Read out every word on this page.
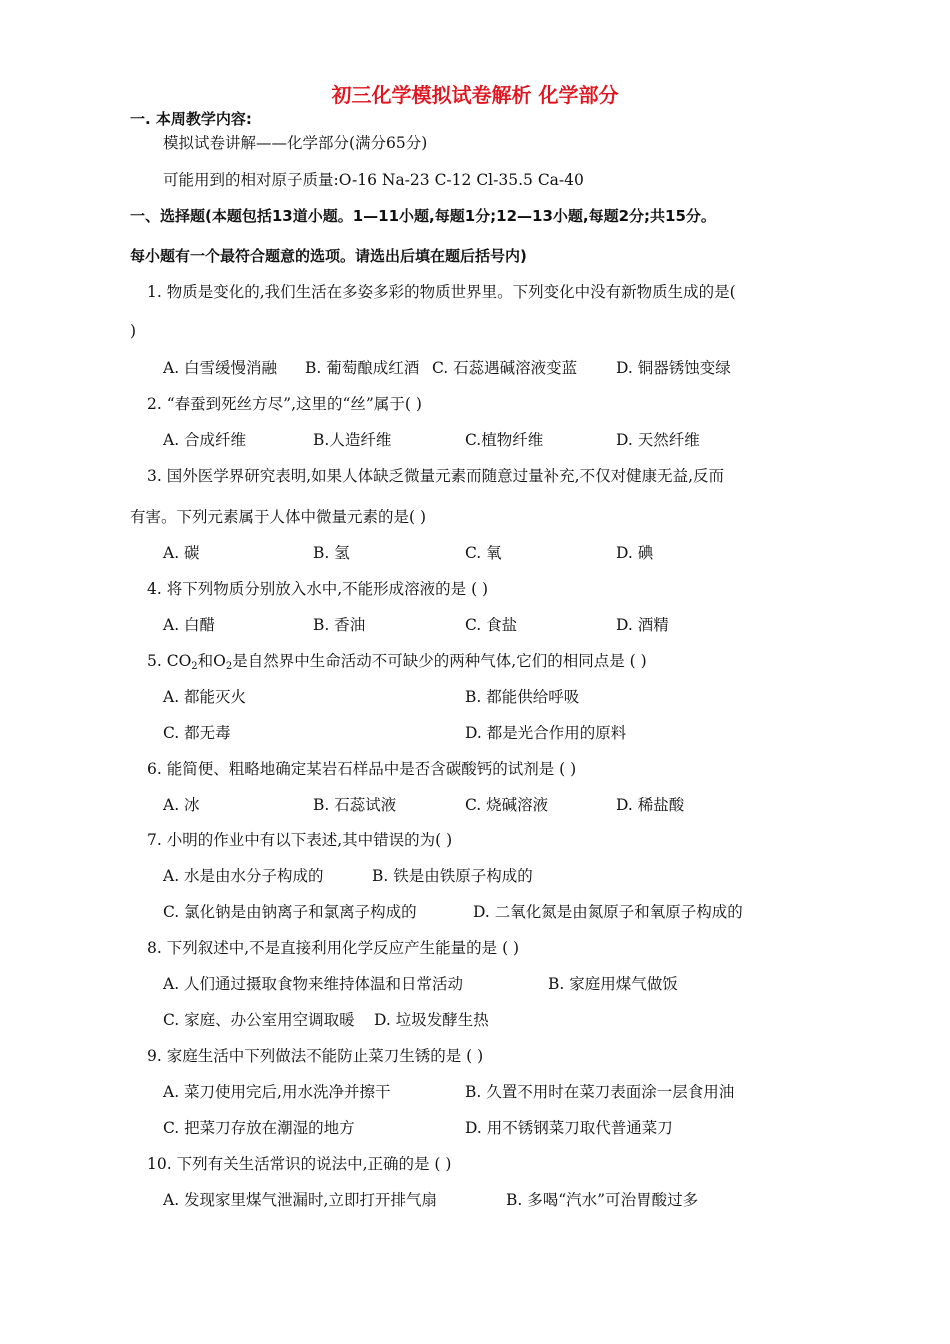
初三化学模拟试卷解析 化学部分
一. 本周教学内容:
模拟试卷讲解——化学部分(满分65分)
可能用到的相对原子质量:O-16 Na-23 C-12 Cl-35.5 Ca-40
一、选择题(本题包括13道小题。1—11小题,每题1分;12—13小题,每题2分;共15分。
每小题有一个最符合题意的选项。请选出后填在题后括号内)
1. 物质是变化的,我们生活在多姿多彩的物质世界里。下列变化中没有新物质生成的是(
)
A. 白雪缓慢消融 B. 葡萄酿成红酒 C. 石蕊遇碱溶液变蓝	D. 铜器锈蚀变绿
2. “春蚕到死丝方尽”,这里的“丝”属于( )
A. 合成纤维	B.人造纤维	C.植物纤维	D. 天然纤维
3. 国外医学界研究表明,如果人体缺乏微量元素而随意过量补充,不仅对健康无益,反而
有害。下列元素属于人体中微量元素的是( )
A. 碳	B. 氢	C. 氧	D. 碘
4. 将下列物质分别放入水中,不能形成溶液的是 ( )
A. 白醋	B. 香油	C. 食盐	D. 酒精
5. $CO_2$和$O_2$是自然界中生命活动不可缺少的两种气体,它们的相同点是 ( )
A. 都能灭火	B. 都能供给呼吸
C. 都无毒	D. 都是光合作用的原料
6. 能简便、粗略地确定某岩石样品中是否含碳酸钙的试剂是 ( )
A. 冰	B. 石蕊试液	C. 烧碱溶液	D. 稀盐酸
7. 小明的作业中有以下表述,其中错误的为( )
A. 水是由水分子构成的	B. 铁是由铁原子构成的
C. 氯化钠是由钠离子和氯离子构成的	D. 二氧化氮是由氮原子和氧原子构成的
8. 下列叙述中,不是直接利用化学反应产生能量的是 ( )
A. 人们通过摄取食物来维持体温和日常活动	B. 家庭用煤气做饭
C. 家庭、办公室用空调取暖 D. 垃圾发酵生热
9. 家庭生活中下列做法不能防止菜刀生锈的是 ( )
A. 菜刀使用完后,用水洗净并擦干	B. 久置不用时在菜刀表面涂一层食用油
C. 把菜刀存放在潮湿的地方	D. 用不锈钢菜刀取代普通菜刀
10. 下列有关生活常识的说法中,正确的是 ( )
A. 发现家里煤气泄漏时,立即打开排气扇	B. 多喝“汽水”可治胃酸过多
